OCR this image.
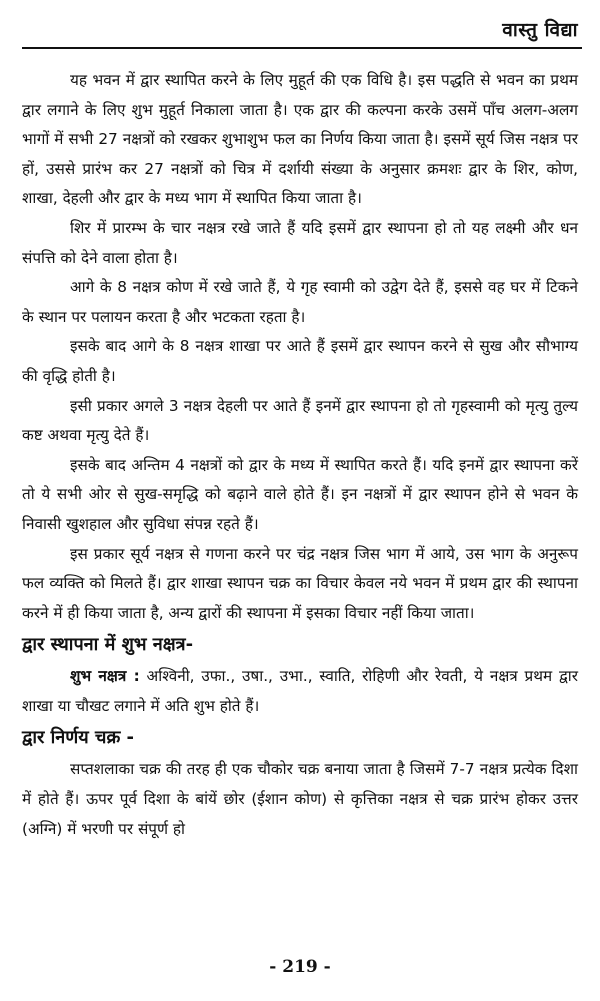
वास्तु विद्या

यह भवन में द्वार स्थापित करने के लिए मुहूर्त की एक विधि है। इस पद्धति से भवन का प्रथम द्वार लगाने के लिए शुभ मुहूर्त निकाला जाता है। एक द्वार की कल्पना करके उसमें पाँच अलग-अलग भागों में सभी 27 नक्षत्रों को रखकर शुभाशुभ फल का निर्णय किया जाता है। इसमें सूर्य जिस नक्षत्र पर हों, उससे प्रारंभ कर 27 नक्षत्रों को चित्र में दर्शायी संख्या के अनुसार क्रमशः द्वार के शिर, कोण, शाखा, देहली और द्वार के मध्य भाग में स्थापित किया जाता है।

शिर में प्रारम्भ के चार नक्षत्र रखे जाते हैं यदि इसमें द्वार स्थापना हो तो यह लक्ष्मी और धन संपत्ति को देने वाला होता है।

आगे के 8 नक्षत्र कोण में रखे जाते हैं, ये गृह स्वामी को उद्वेग देते हैं, इससे वह घर में टिकने के स्थान पर पलायन करता है और भटकता रहता है।

इसके बाद आगे के 8 नक्षत्र शाखा पर आते हैं इसमें द्वार स्थापन करने से सुख और सौभाग्य की वृद्धि होती है।

इसी प्रकार अगले 3 नक्षत्र देहली पर आते हैं इनमें द्वार स्थापना हो तो गृहस्वामी को मृत्यु तुल्य कष्ट अथवा मृत्यु देते हैं।

इसके बाद अन्तिम 4 नक्षत्रों को द्वार के मध्य में स्थापित करते हैं। यदि इनमें द्वार स्थापना करें तो ये सभी ओर से सुख-समृद्धि को बढ़ाने वाले होते हैं। इन नक्षत्रों में द्वार स्थापन होने से भवन के निवासी खुशहाल और सुविधा संपन्न रहते हैं।

इस प्रकार सूर्य नक्षत्र से गणना करने पर चंद्र नक्षत्र जिस भाग में आये, उस भाग के अनुरूप फल व्यक्ति को मिलते हैं। द्वार शाखा स्थापन चक्र का विचार केवल नये भवन में प्रथम द्वार की स्थापना करने में ही किया जाता है, अन्य द्वारों की स्थापना में इसका विचार नहीं किया जाता।

द्वार स्थापना में शुभ नक्षत्र-

शुभ नक्षत्र : अश्विनी, उफा., उषा., उभा., स्वाति, रोहिणी और रेवती, ये नक्षत्र प्रथम द्वार शाखा या चौखट लगाने में अति शुभ होते हैं।

द्वार निर्णय चक्र -

सप्तशलाका चक्र की तरह ही एक चौकोर चक्र बनाया जाता है जिसमें 7-7 नक्षत्र प्रत्येक दिशा में होते हैं। ऊपर पूर्व दिशा के बांयें छोर (ईशान कोण) से कृत्तिका नक्षत्र से चक्र प्रारंभ होकर उत्तर (अग्नि) में भरणी पर संपूर्ण हो

- 219 -
